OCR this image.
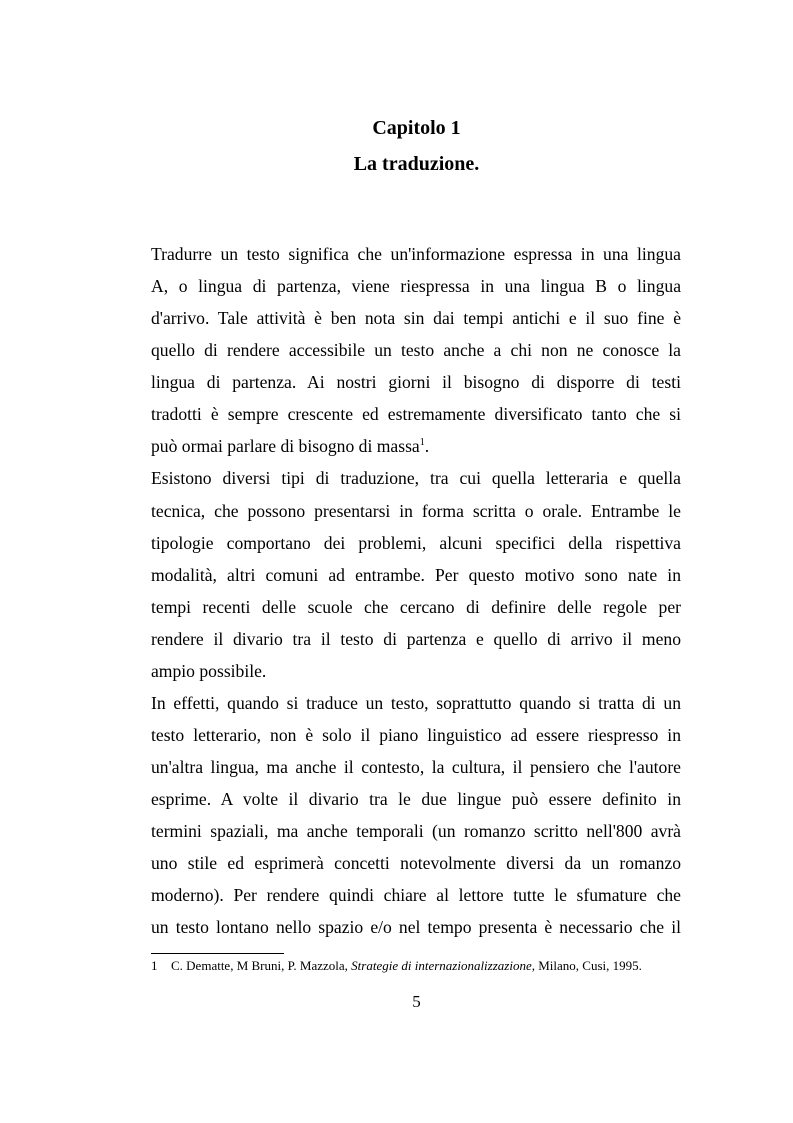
Capitolo 1
La traduzione.
Tradurre un testo significa che un'informazione espressa in una lingua
A, o lingua di partenza, viene riespressa in una lingua B o lingua
d'arrivo. Tale attività è ben nota sin dai tempi antichi e il suo fine è
quello di rendere accessibile un testo anche a chi non ne conosce la
lingua di partenza. Ai nostri giorni il bisogno di disporre di testi
tradotti è sempre crescente ed estremamente diversificato tanto che si
può ormai parlare di bisogno di massa$^1$.
Esistono diversi tipi di traduzione, tra cui quella letteraria e quella
tecnica, che possono presentarsi in forma scritta o orale. Entrambe le
tipologie comportano dei problemi, alcuni specifici della rispettiva
modalità, altri comuni ad entrambe. Per questo motivo sono nate in
tempi recenti delle scuole che cercano di definire delle regole per
rendere il divario tra il testo di partenza e quello di arrivo il meno
ampio possibile.
In effetti, quando si traduce un testo, soprattutto quando si tratta di un
testo letterario, non è solo il piano linguistico ad essere riespresso in
un'altra lingua, ma anche il contesto, la cultura, il pensiero che l'autore
esprime. A volte il divario tra le due lingue può essere definito in
termini spaziali, ma anche temporali (un romanzo scritto nell'800 avrà
uno stile ed esprimerà concetti notevolmente diversi da un romanzo
moderno). Per rendere quindi chiare al lettore tutte le sfumature che
un testo lontano nello spazio e/o nel tempo presenta è necessario che il
1 C. Dematte, M Bruni, P. Mazzola, Strategie di internazionalizzazione, Milano, Cusi, 1995.
5
